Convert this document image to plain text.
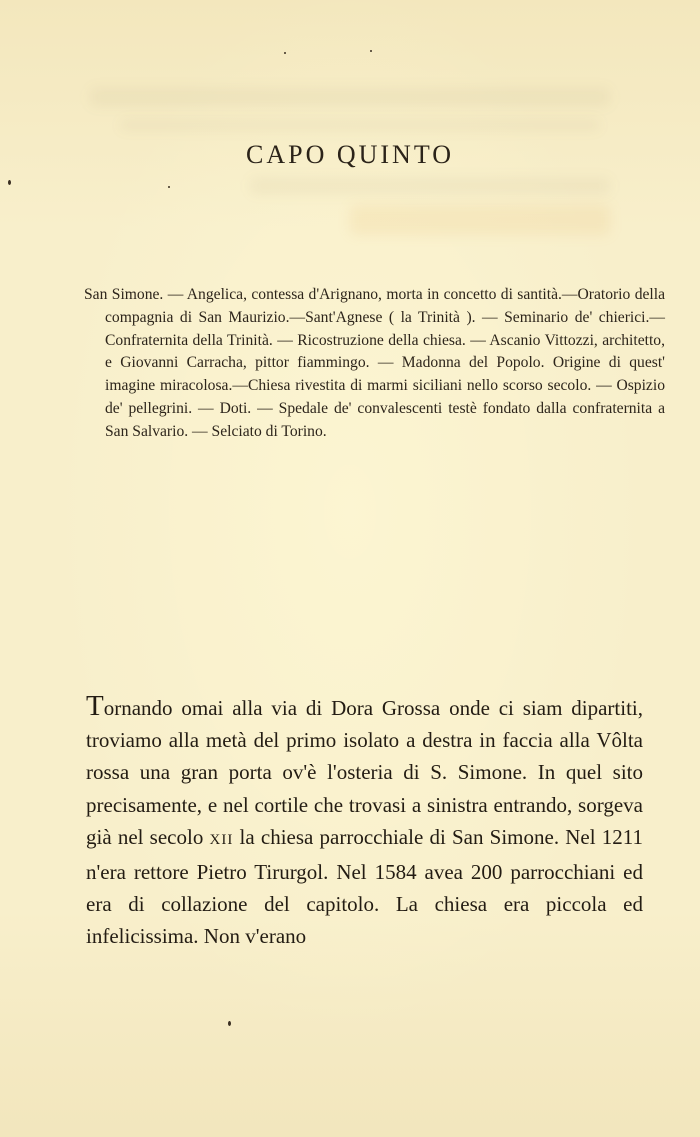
CAPO QUINTO

San Simone. — Angelica, contessa d'Arignano, morta in concetto di santità.—Oratorio della compagnia di San Maurizio.—Sant'Agnese ( la Trinità ). — Seminario de' chierici.—Confraternita della Trinità. — Ricostruzione della chiesa. — Ascanio Vittozzi, architetto, e Giovanni Carracha, pittor fiammingo. — Madonna del Popolo. Origine di quest' imagine miracolosa.—Chiesa rivestita di marmi siciliani nello scorso secolo. — Ospizio de' pellegrini. — Doti. — Spedale de' convalescenti testè fondato dalla confraternita a San Salvario. — Selciato di Torino.

Tornando omai alla via di Dora Grossa onde ci siam dipartiti, troviamo alla metà del primo isolato a destra in faccia alla Vôlta rossa una gran porta ov'è l'osteria di S. Simone. In quel sito precisamente, e nel cortile che trovasi a sinistra entrando, sorgeva già nel secolo XII la chiesa parrocchiale di San Simone. Nel 1211 n'era rettore Pietro Tirurgol. Nel 1584 avea 200 parrocchiani ed era di collazione del capitolo. La chiesa era piccola ed infelicissima. Non v'erano
